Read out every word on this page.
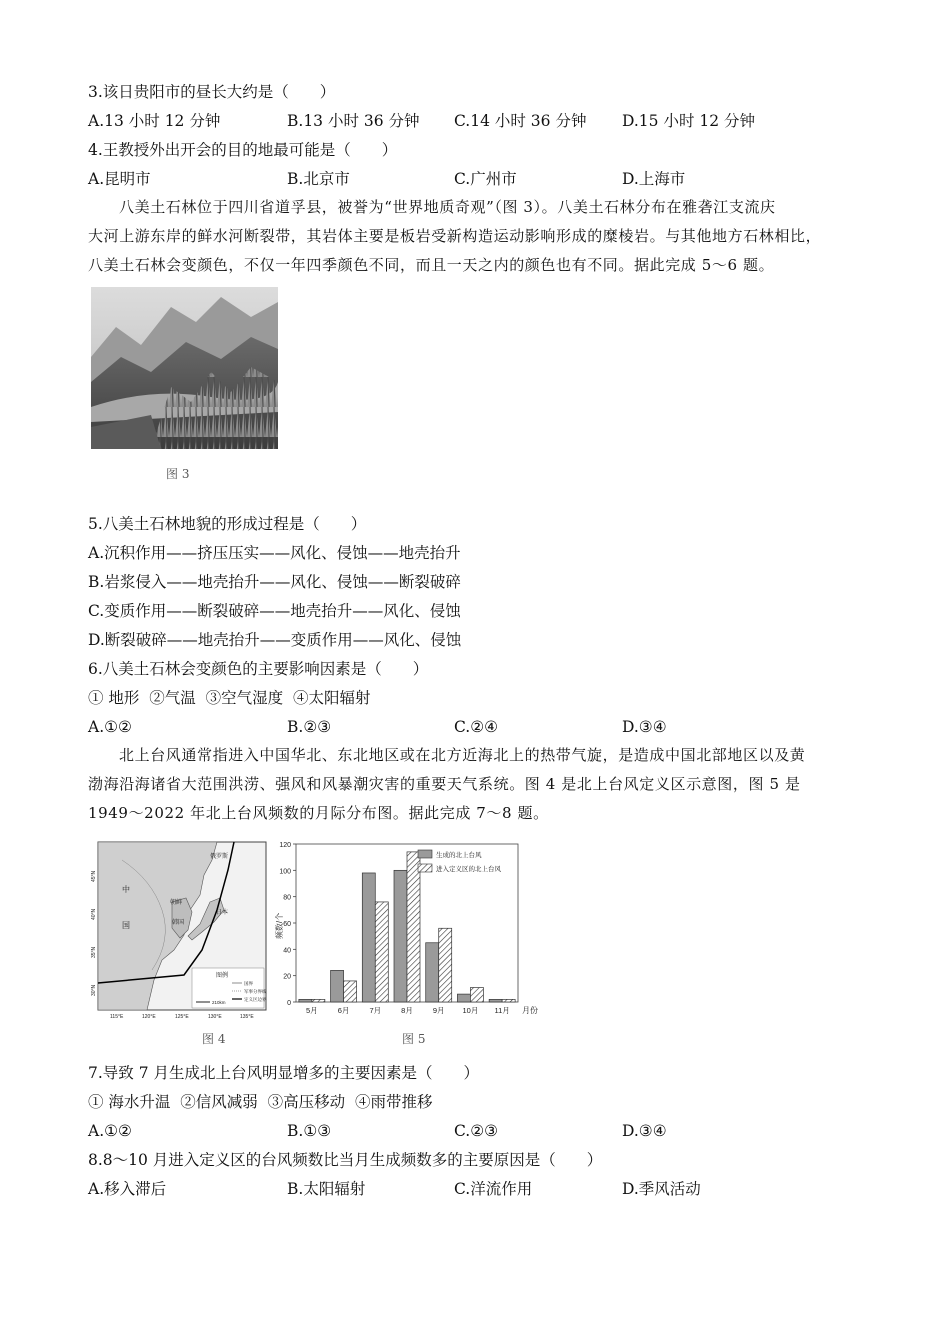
3.该日贵阳市的昼长大约是（　　）
A.13 小时 12 分钟	B.13 小时 36 分钟 C.14 小时 36 分钟 D.15 小时 12 分钟
4.王教授外出开会的目的地最可能是（　　）
A.昆明市	B.北京市	C.广州市	D.上海市
八美土石林位于四川省道孚县，被誉为“世界地质奇观”（图 3）。八美土石林分布在雅砻江支流庆
大河上游东岸的鲜水河断裂带，其岩体主要是板岩受新构造运动影响形成的糜棱岩。与其他地方石林相比，
八美土石林会变颜色，不仅一年四季颜色不同，而且一天之内的颜色也有不同。据此完成 5～6 题。
图 3
5.八美土石林地貌的形成过程是（　　）
A.沉积作用——挤压压实——风化、侵蚀——地壳抬升
B.岩浆侵入——地壳抬升——风化、侵蚀——断裂破碎
C.变质作用——断裂破碎——地壳抬升——风化、侵蚀
D.断裂破碎——地壳抬升——变质作用——风化、侵蚀
6.八美土石林会变颜色的主要影响因素是（　　）
① 地形  ②气温  ③空气湿度  ④太阳辐射
A.①②	B.②③	C.②④	D.③④
北上台风通常指进入中国华北、东北地区或在北方近海北上的热带气旋，是造成中国北部地区以及黄
渤海沿海诸省大范围洪涝、强风和风暴潮灾害的重要天气系统。图 4 是北上台风定义区示意图，图 5 是
1949～2022 年北上台风频数的月际分布图。据此完成 7～8 题。
俄罗斯
中
国
朝鲜
韩国
日本
45°N
40°N
35°N
30°N
115°E	120°E	125°E	130°E	135°E
图例
国界
军事分界线
定义区边界
210km
图 4
0
20
40
60
80
100
120
5月	6月	7月	8月	9月 10月 11月
频数/个
月份
生成的北上台风
进入定义区的北上台风
图 5
7.导致 7 月生成北上台风明显增多的主要因素是（　　）
① 海水升温  ②信风减弱  ③高压移动  ④雨带推移
A.①②	B.①③	C.②③	D.③④
8.8～10 月进入定义区的台风频数比当月生成频数多的主要原因是（　　）
A.移入滞后	B.太阳辐射	C.洋流作用	D.季风活动
